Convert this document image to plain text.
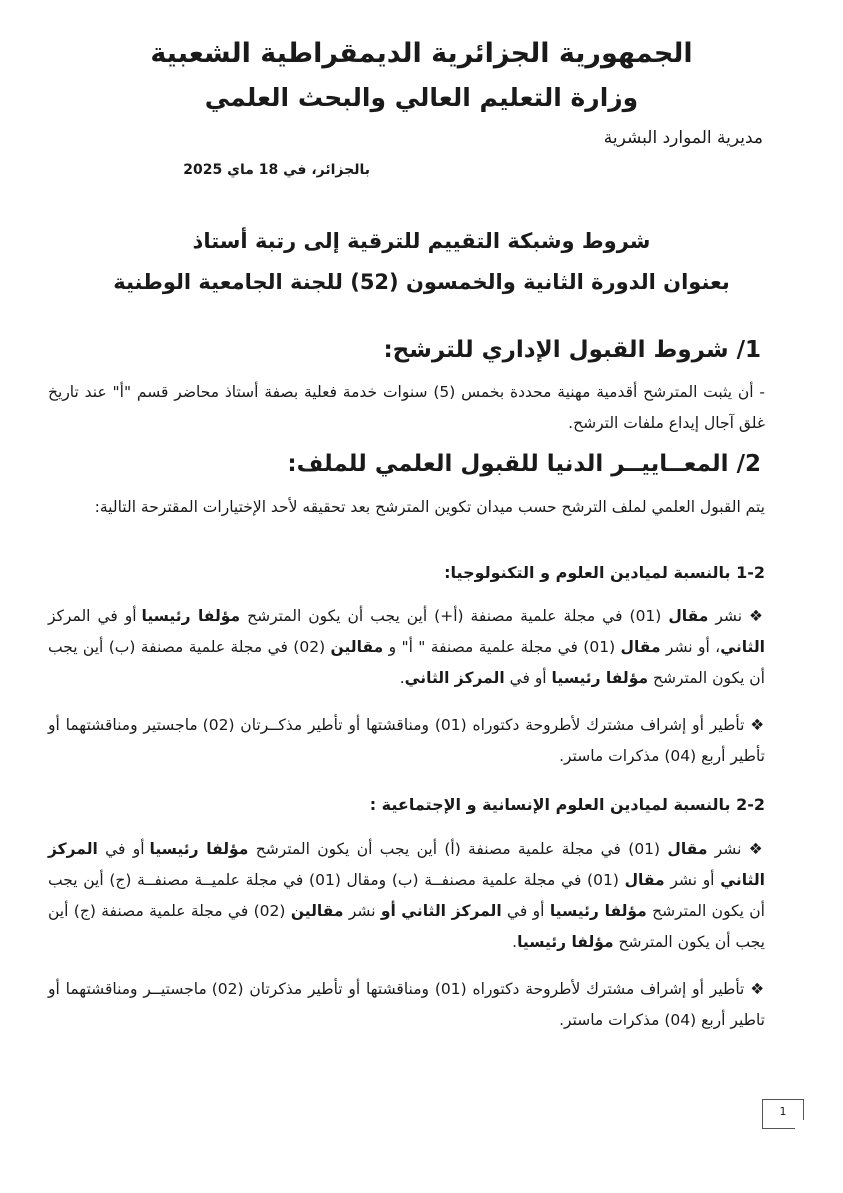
الجمهورية الجزائرية الديمقراطية الشعبية
وزارة التعليم العالي والبحث العلمي
مديرية الموارد البشرية
بالجزائر، في 18 ماي 2025
شروط وشبكة التقييم للترقية إلى رتبة أستاذ
بعنوان الدورة الثانية والخمسون (52) للجنة الجامعية الوطنية
1/ شروط القبول الإداري للترشح:
- أن يثبت المترشح أقدمية مهنية محددة بخمس (5) سنوات خدمة فعلية بصفة أستاذ محاضر قسم "أ" عند تاريخ غلق آجال إيداع ملفات الترشح.
2/ المعــاييــر الدنيا للقبول العلمي للملف:
يتم القبول العلمي لملف الترشح حسب ميدان تكوين المترشح بعد تحقيقه لأحد الإختيارات المقترحة التالية:
1-2 بالنسبة لميادين العلوم و التكنولوجيا:
❖ نشر مقال (01) في مجلة علمية مصنفة (أ+) أين يجب أن يكون المترشح مؤلفا رئيسيا أو في المركز الثاني، أو نشر مقال (01) في مجلة علمية مصنفة " أ" و مقالين (02) في مجلة علمية مصنفة (ب) أين يجب أن يكون المترشح مؤلفا رئيسيا أو في المركز الثاني.
❖ تأطير أو إشراف مشترك لأطروحة دكتوراه (01) ومناقشتها أو تأطير مذكــرتان (02) ماجستير ومناقشتهما أو تأطير أربع (04) مذكرات ماستر.
2-2 بالنسبة لميادين العلوم الإنسانية و الإجتماعية :
❖ نشر مقال (01) في مجلة علمية مصنفة (أ) أين يجب أن يكون المترشح مؤلفا رئيسيا أو في المركز الثاني أو نشر مقال (01) في مجلة علمية مصنفــة (ب) ومقال (01) في مجلة علميــة مصنفــة (ج) أين يجب أن يكون المترشح مؤلفا رئيسيا أو في المركز الثاني أو نشر مقالين (02) في مجلة علمية مصنفة (ج) أين يجب أن يكون المترشح مؤلفا رئيسيا.
❖ تأطير أو إشراف مشترك لأطروحة دكتوراه (01) ومناقشتها أو تأطير مذكرتان (02) ماجستيــر ومناقشتهما أو تاطير أربع (04) مذكرات ماستر.
1
